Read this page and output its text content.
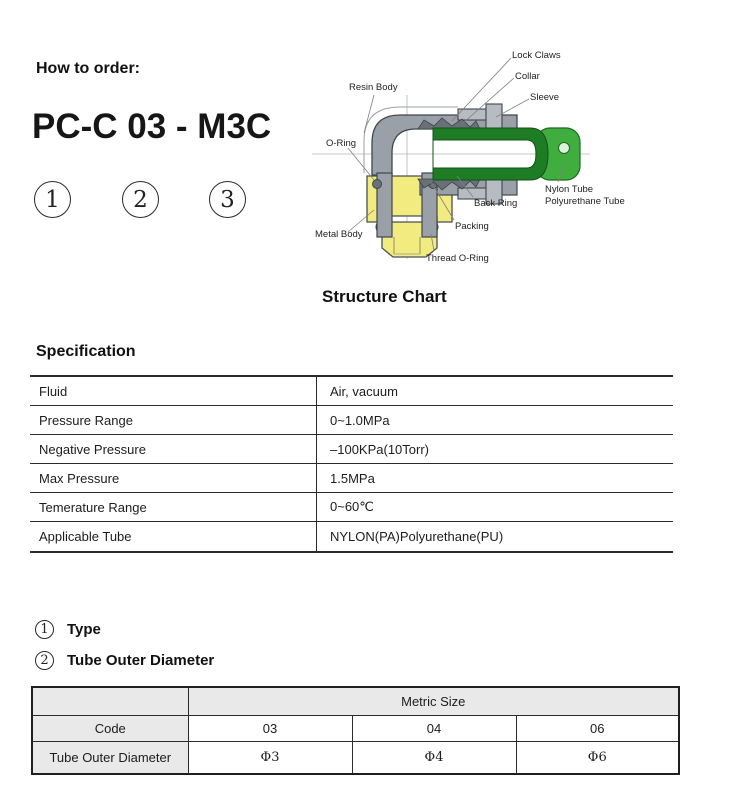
How to order:
PC-C 03 - M3C
1	2	3
Lock Claws
Collar
Sleeve
Resin Body
O-Ring
Nylon Tube
Polyurethane Tube
Back Ring
Packing
Metal Body
Thread O-Ring
Structure Chart
Specification
Fluid	Air, vacuum
Pressure Range	0~1.0MPa
Negative Pressure	–100KPa(10Torr)
Max Pressure	1.5MPa
Temerature Range	0~60℃
Applicable Tube	NYLON(PA)Polyurethane(PU)
1	Type
2	Tube Outer Diameter
	Metric Size		
Code	03	04	06
Tube Outer Diameter	Φ3	Φ4	Φ6
